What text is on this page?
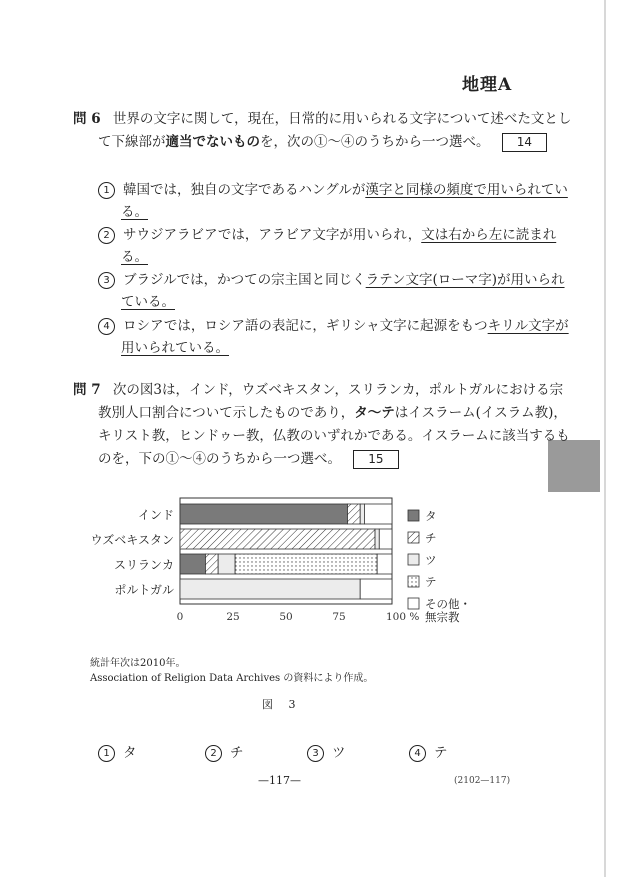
地理A
問 6 世界の文字に関して，現在，日常的に用いられる文字について述べた文とし
て下線部が適当でないものを，次の①～④のうちから一つ選べ。 14
1 韓国では，独自の文字であるハングルが漢字と同様の頻度で用いられてい
る。
2 サウジアラビアでは，アラビア文字が用いられ，文は右から左に読まれ
る。
3 ブラジルでは，かつての宗主国と同じくラテン文字(ローマ字)が用いられ
ている。
4 ロシアでは，ロシア語の表記に，ギリシャ文字に起源をもつキリル文字が
用いられている。
問 7 次の図3は，インド，ウズベキスタン，スリランカ，ポルトガルにおける宗
教別人口割合について示したものであり，タ～テはイスラーム(イスラム教)，
キリスト教，ヒンドゥー教，仏教のいずれかである。イスラームに該当するも
のを，下の①～④のうちから一つ選べ。 15
インド
ウズベキスタン
スリランカ
ポルトガル
0	25	50	75	100 %
タ
チ
ツ
テ
その他・無宗教
統計年次は2010年。
Association of Religion Data Archives の資料により作成。
図 3
1 タ	2 チ	3 ツ	4 テ
—117—	(2102—117)
